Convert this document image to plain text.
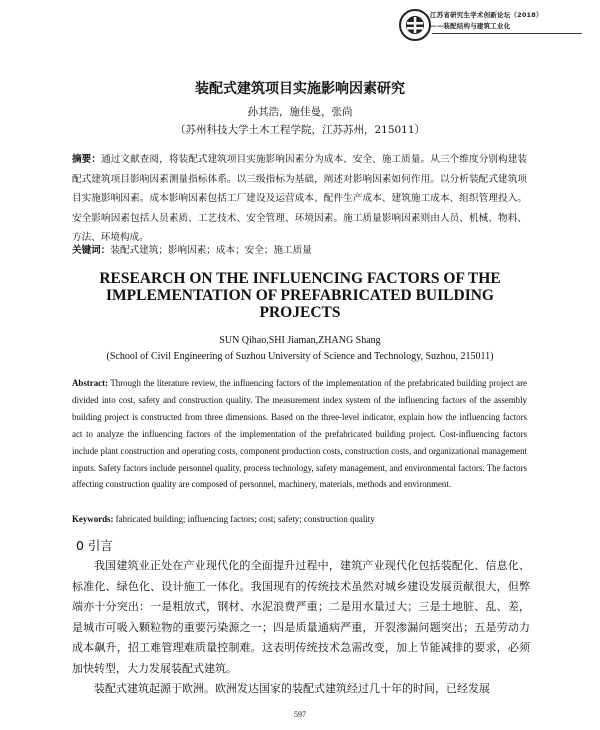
江苏省研究生学术创新论坛（2018）
——装配结构与建筑工业化
装配式建筑项目实施影响因素研究
孙其浩，施佳曼，张尚
（苏州科技大学土木工程学院，江苏苏州，215011）
摘要：通过文献查阅，将装配式建筑项目实施影响因素分为成本、安全、施工质量。从三个维度分别构建装配式建筑项目影响因素测量指标体系。以三级指标为基础，阐述对影响因素如何作用。以分析装配式建筑项目实施影响因素。成本影响因素包括工厂建设及运营成本、配件生产成本、建筑施工成本、组织管理投入。安全影响因素包括人员素质、工艺技术、安全管理、环境因素。施工质量影响因素则由人员、机械、物料、方法、环境构成。
关键词：装配式建筑；影响因素；成本；安全；施工质量
RESEARCH ON THE INFLUENCING FACTORS OF THE IMPLEMENTATION OF PREFABRICATED BUILDING PROJECTS
SUN Qihao,SHI Jiaman,ZHANG Shang
(School of Civil Engineering of Suzhou University of Science and Technology, Suzhou, 215011)
Abstract: Through the literature review, the influencing factors of the implementation of the prefabricated building project are divided into cost, safety and construction quality. The measurement index system of the influencing factors of the assembly building project is constructed from three dimensions. Based on the three-level indicator, explain how the influencing factors act to analyze the influencing factors of the implementation of the prefabricated building project. Cost-influencing factors include plant construction and operating costs, component production costs, construction costs, and organizational management inputs. Safety factors include personnel quality, process technology, safety management, and environmental factors. The factors affecting construction quality are composed of personnel, machinery, materials, methods and environment.
Keywords: fabricated building; influencing factors; cost; safety; construction quality
0 引言

我国建筑业正处在产业现代化的全面提升过程中，建筑产业现代化包括装配化、信息化、标准化、绿色化、设计施工一体化。我国现有的传统技术虽然对城乡建设发展贡献很大，但弊端亦十分突出：一是粗放式，钢材、水泥浪费严重；二是用水量过大；三是土地脏、乱、差，是城市可吸入颗粒物的重要污染源之一；四是质量通病严重，开裂渗漏问题突出；五是劳动力成本飙升，招工难管理难质量控制难。这表明传统技术急需改变，加上节能减排的要求，必须加快转型，大力发展装配式建筑。

装配式建筑起源于欧洲。欧洲发达国家的装配式建筑经过几十年的时间，已经发展

597
